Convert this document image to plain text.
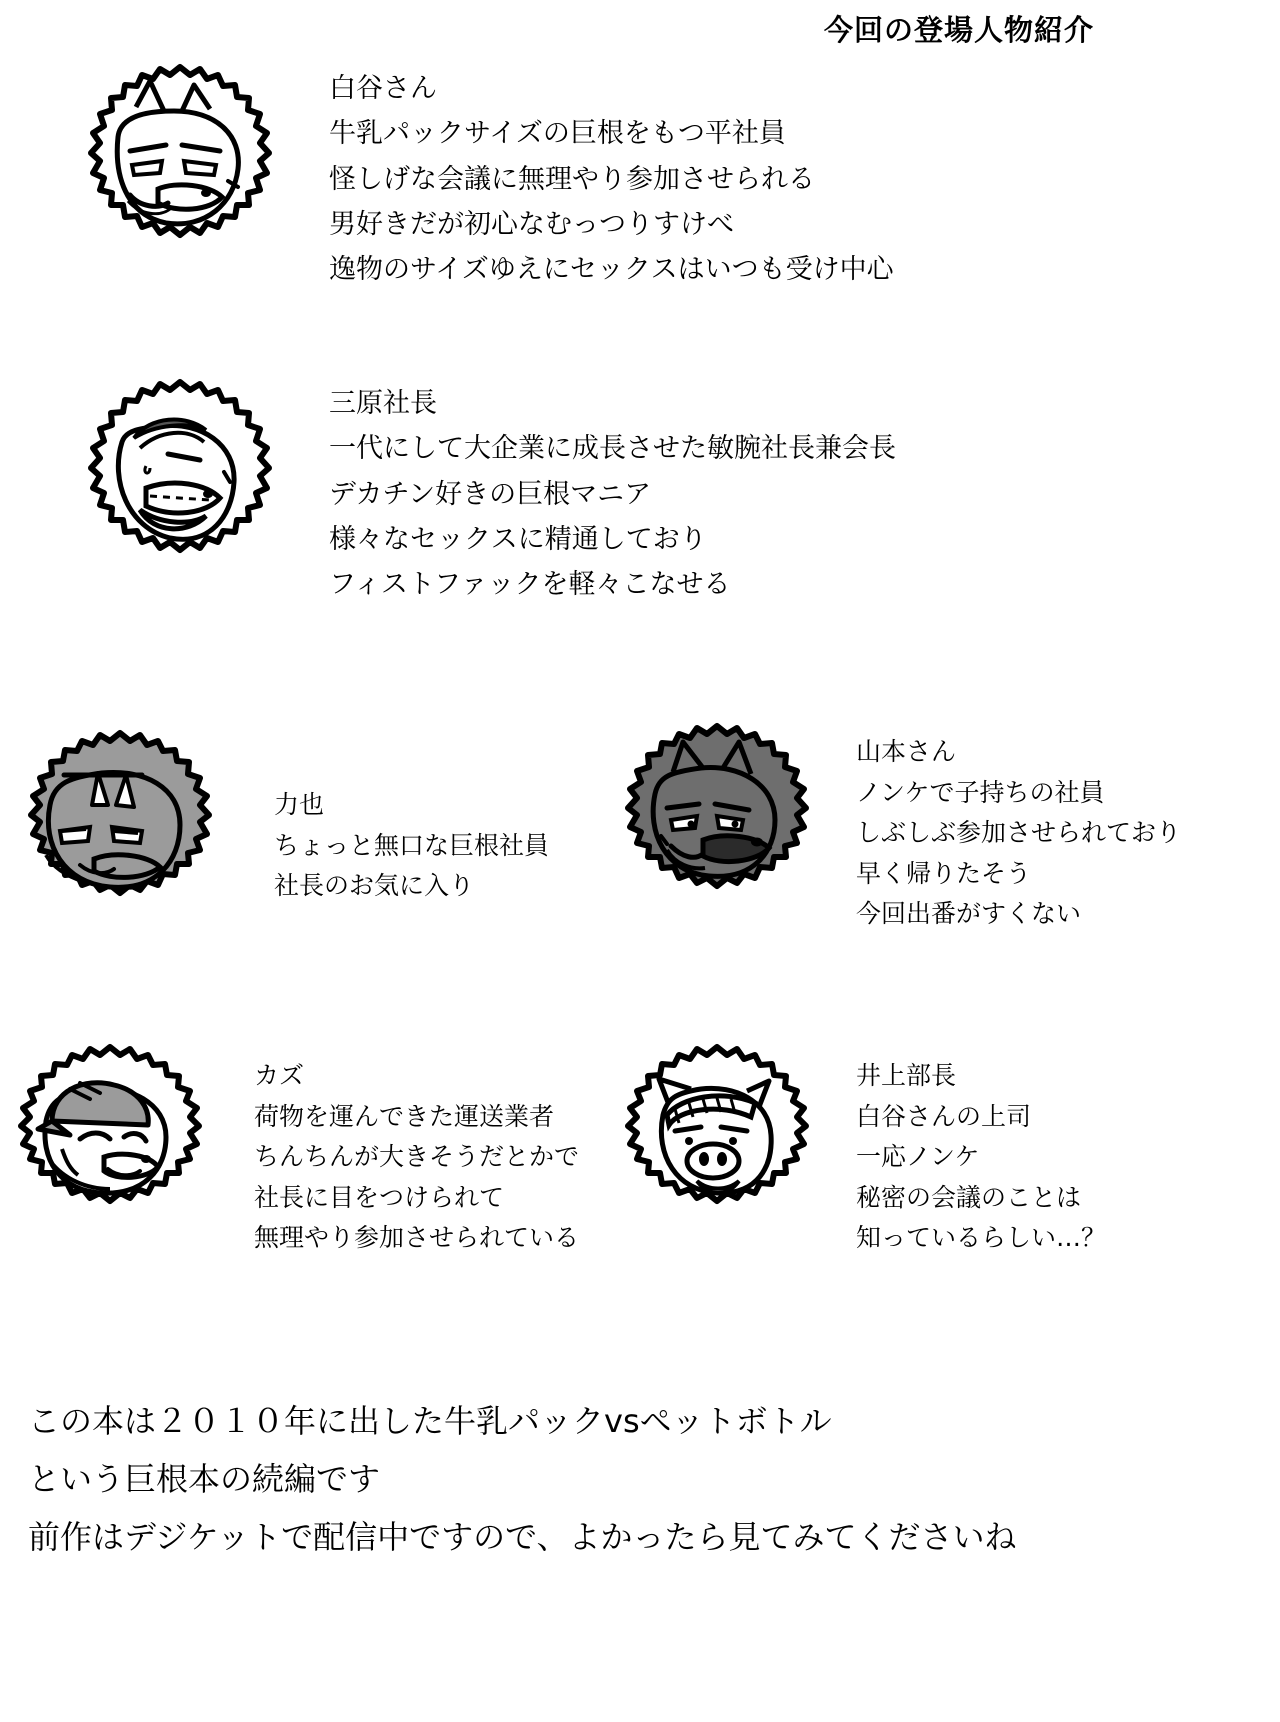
今回の登場人物紹介
白谷さん
牛乳パックサイズの巨根をもつ平社員
怪しげな会議に無理やり参加させられる
男好きだが初心なむっつりすけべ
逸物のサイズゆえにセックスはいつも受け中心
三原社長
一代にして大企業に成長させた敏腕社長兼会長
デカチン好きの巨根マニア
様々なセックスに精通しており
フィストファックを軽々こなせる
力也
ちょっと無口な巨根社員
社長のお気に入り
山本さん
ノンケで子持ちの社員
しぶしぶ参加させられており
早く帰りたそう
今回出番がすくない
カズ
荷物を運んできた運送業者
ちんちんが大きそうだとかで
社長に目をつけられて
無理やり参加させられている
井上部長
白谷さんの上司
一応ノンケ
秘密の会議のことは
知っているらしい…？
この本は２０１０年に出した牛乳パックvsペットボトル
という巨根本の続編です
前作はデジケットで配信中ですので、よかったら見てみてくださいね
